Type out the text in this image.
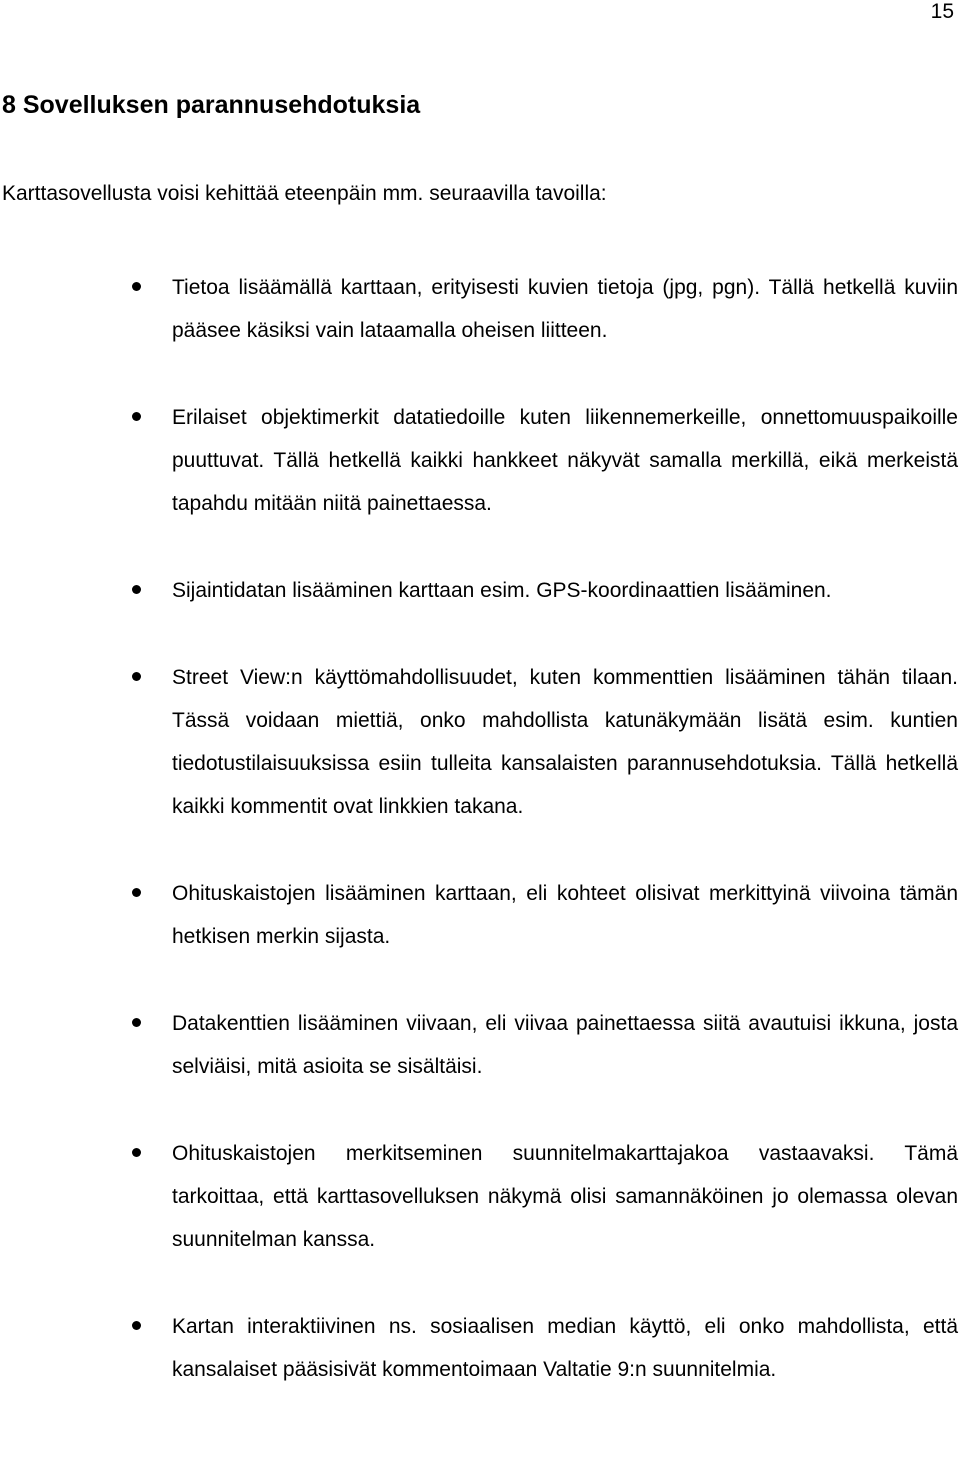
15
8 Sovelluksen parannusehdotuksia

Karttasovellusta voisi kehittää eteenpäin mm. seuraavilla tavoilla:

Tietoa lisäämällä karttaan, erityisesti kuvien tietoja (jpg, pgn). Tällä hetkellä kuviin pääsee käsiksi vain lataamalla oheisen liitteen.
Erilaiset objektimerkit datatiedoille kuten liikennemerkeille, onnettomuuspaikoille puuttuvat. Tällä hetkellä kaikki hankkeet näkyvät samalla merkillä, eikä merkeistä tapahdu mitään niitä painettaessa.
Sijaintidatan lisääminen karttaan esim. GPS-koordinaattien lisääminen.
Street View:n käyttömahdollisuudet, kuten kommenttien lisääminen tähän tilaan. Tässä voidaan miettiä, onko mahdollista katunäkymään lisätä esim. kuntien tiedotustilaisuuksissa esiin tulleita kansalaisten parannusehdotuksia. Tällä hetkellä kaikki kommentit ovat linkkien takana.
Ohituskaistojen lisääminen karttaan, eli kohteet olisivat merkittyinä viivoina tämän hetkisen merkin sijasta.
Datakenttien lisääminen viivaan, eli viivaa painettaessa siitä avautuisi ikkuna, josta selviäisi, mitä asioita se sisältäisi.
Ohituskaistojen merkitseminen suunnitelmakarttajakoa vastaavaksi. Tämä tarkoittaa, että karttasovelluksen näkymä olisi samannäköinen jo olemassa olevan suunnitelman kanssa.
Kartan interaktiivinen ns. sosiaalisen median käyttö, eli onko mahdollista, että kansalaiset pääsisivät kommentoimaan Valtatie 9:n suunnitelmia.
